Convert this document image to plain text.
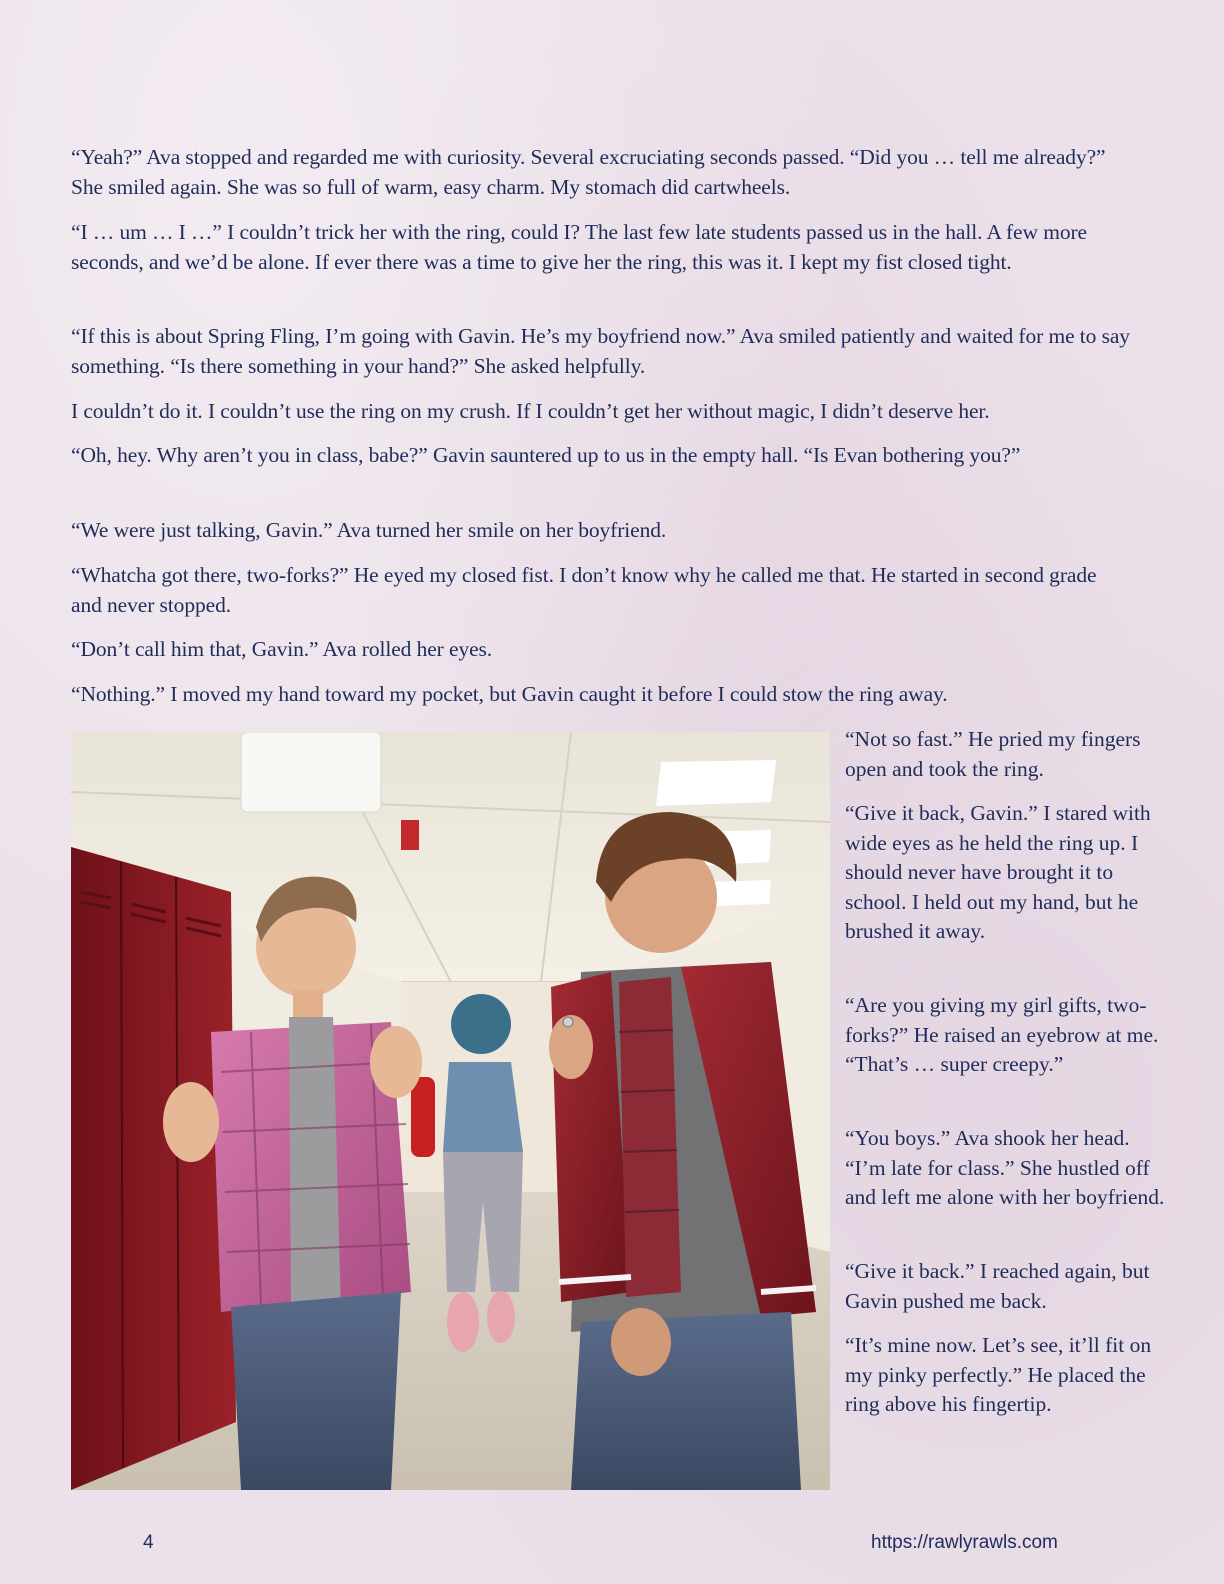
“Yeah?” Ava stopped and regarded me with curiosity. Several excruciating seconds passed. “Did you … tell me already?” She smiled again. She was so full of warm, easy charm. My stomach did cartwheels.

“I … um … I …” I couldn’t trick her with the ring, could I? The last few late students passed us in the hall. A few more seconds, and we’d be alone. If ever there was a time to give her the ring, this was it. I kept my fist closed tight.

“If this is about Spring Fling, I’m going with Gavin. He’s my boyfriend now.” Ava smiled patiently and waited for me to say something. “Is there something in your hand?” She asked helpfully.

I couldn’t do it. I couldn’t use the ring on my crush. If I couldn’t get her without magic, I didn’t deserve her.

“Oh, hey. Why aren’t you in class, babe?” Gavin sauntered up to us in the empty hall. “Is Evan bothering you?”

“We were just talking, Gavin.” Ava turned her smile on her boyfriend.

“Whatcha got there, two-forks?” He eyed my closed fist. I don’t know why he called me that. He started in second grade and never stopped.

“Don’t call him that, Gavin.” Ava rolled her eyes.

“Nothing.” I moved my hand toward my pocket, but Gavin caught it before I could stow the ring away.

“Not so fast.” He pried my fingers open and took the ring.

“Give it back, Gavin.” I stared with wide eyes as he held the ring up. I should never have brought it to school. I held out my hand, but he brushed it away.

“Are you giving my girl gifts, two-forks?” He raised an eyebrow at me. “That’s … super creepy.”

“You boys.” Ava shook her head. “I’m late for class.” She hustled off and left me alone with her boyfriend.

“Give it back.” I reached again, but Gavin pushed me back.

“It’s mine now. Let’s see, it’ll fit on my pinky perfectly.” He placed the ring above his fingertip.

4	https://rawlyrawls.com
